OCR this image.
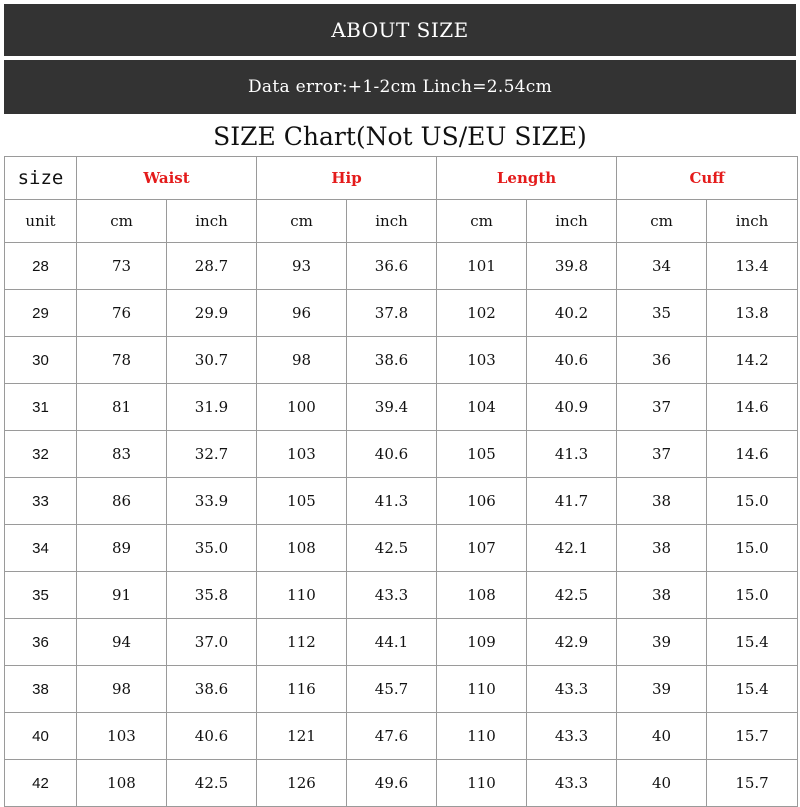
ABOUT SIZE
Data error:+1-2cm Linch=2.54cm
SIZE Chart(Not US/EU SIZE)
size	Waist		Hip		Length		Cuff	
unit	cm	inch	cm	inch	cm	inch	cm	inch
28	73	28.7	93	36.6	101	39.8	34	13.4
29	76	29.9	96	37.8	102	40.2	35	13.8
30	78	30.7	98	38.6	103	40.6	36	14.2
31	81	31.9	100	39.4	104	40.9	37	14.6
32	83	32.7	103	40.6	105	41.3	37	14.6
33	86	33.9	105	41.3	106	41.7	38	15.0
34	89	35.0	108	42.5	107	42.1	38	15.0
35	91	35.8	110	43.3	108	42.5	38	15.0
36	94	37.0	112	44.1	109	42.9	39	15.4
38	98	38.6	116	45.7	110	43.3	39	15.4
40	103	40.6	121	47.6	110	43.3	40	15.7
42	108	42.5	126	49.6	110	43.3	40	15.7
